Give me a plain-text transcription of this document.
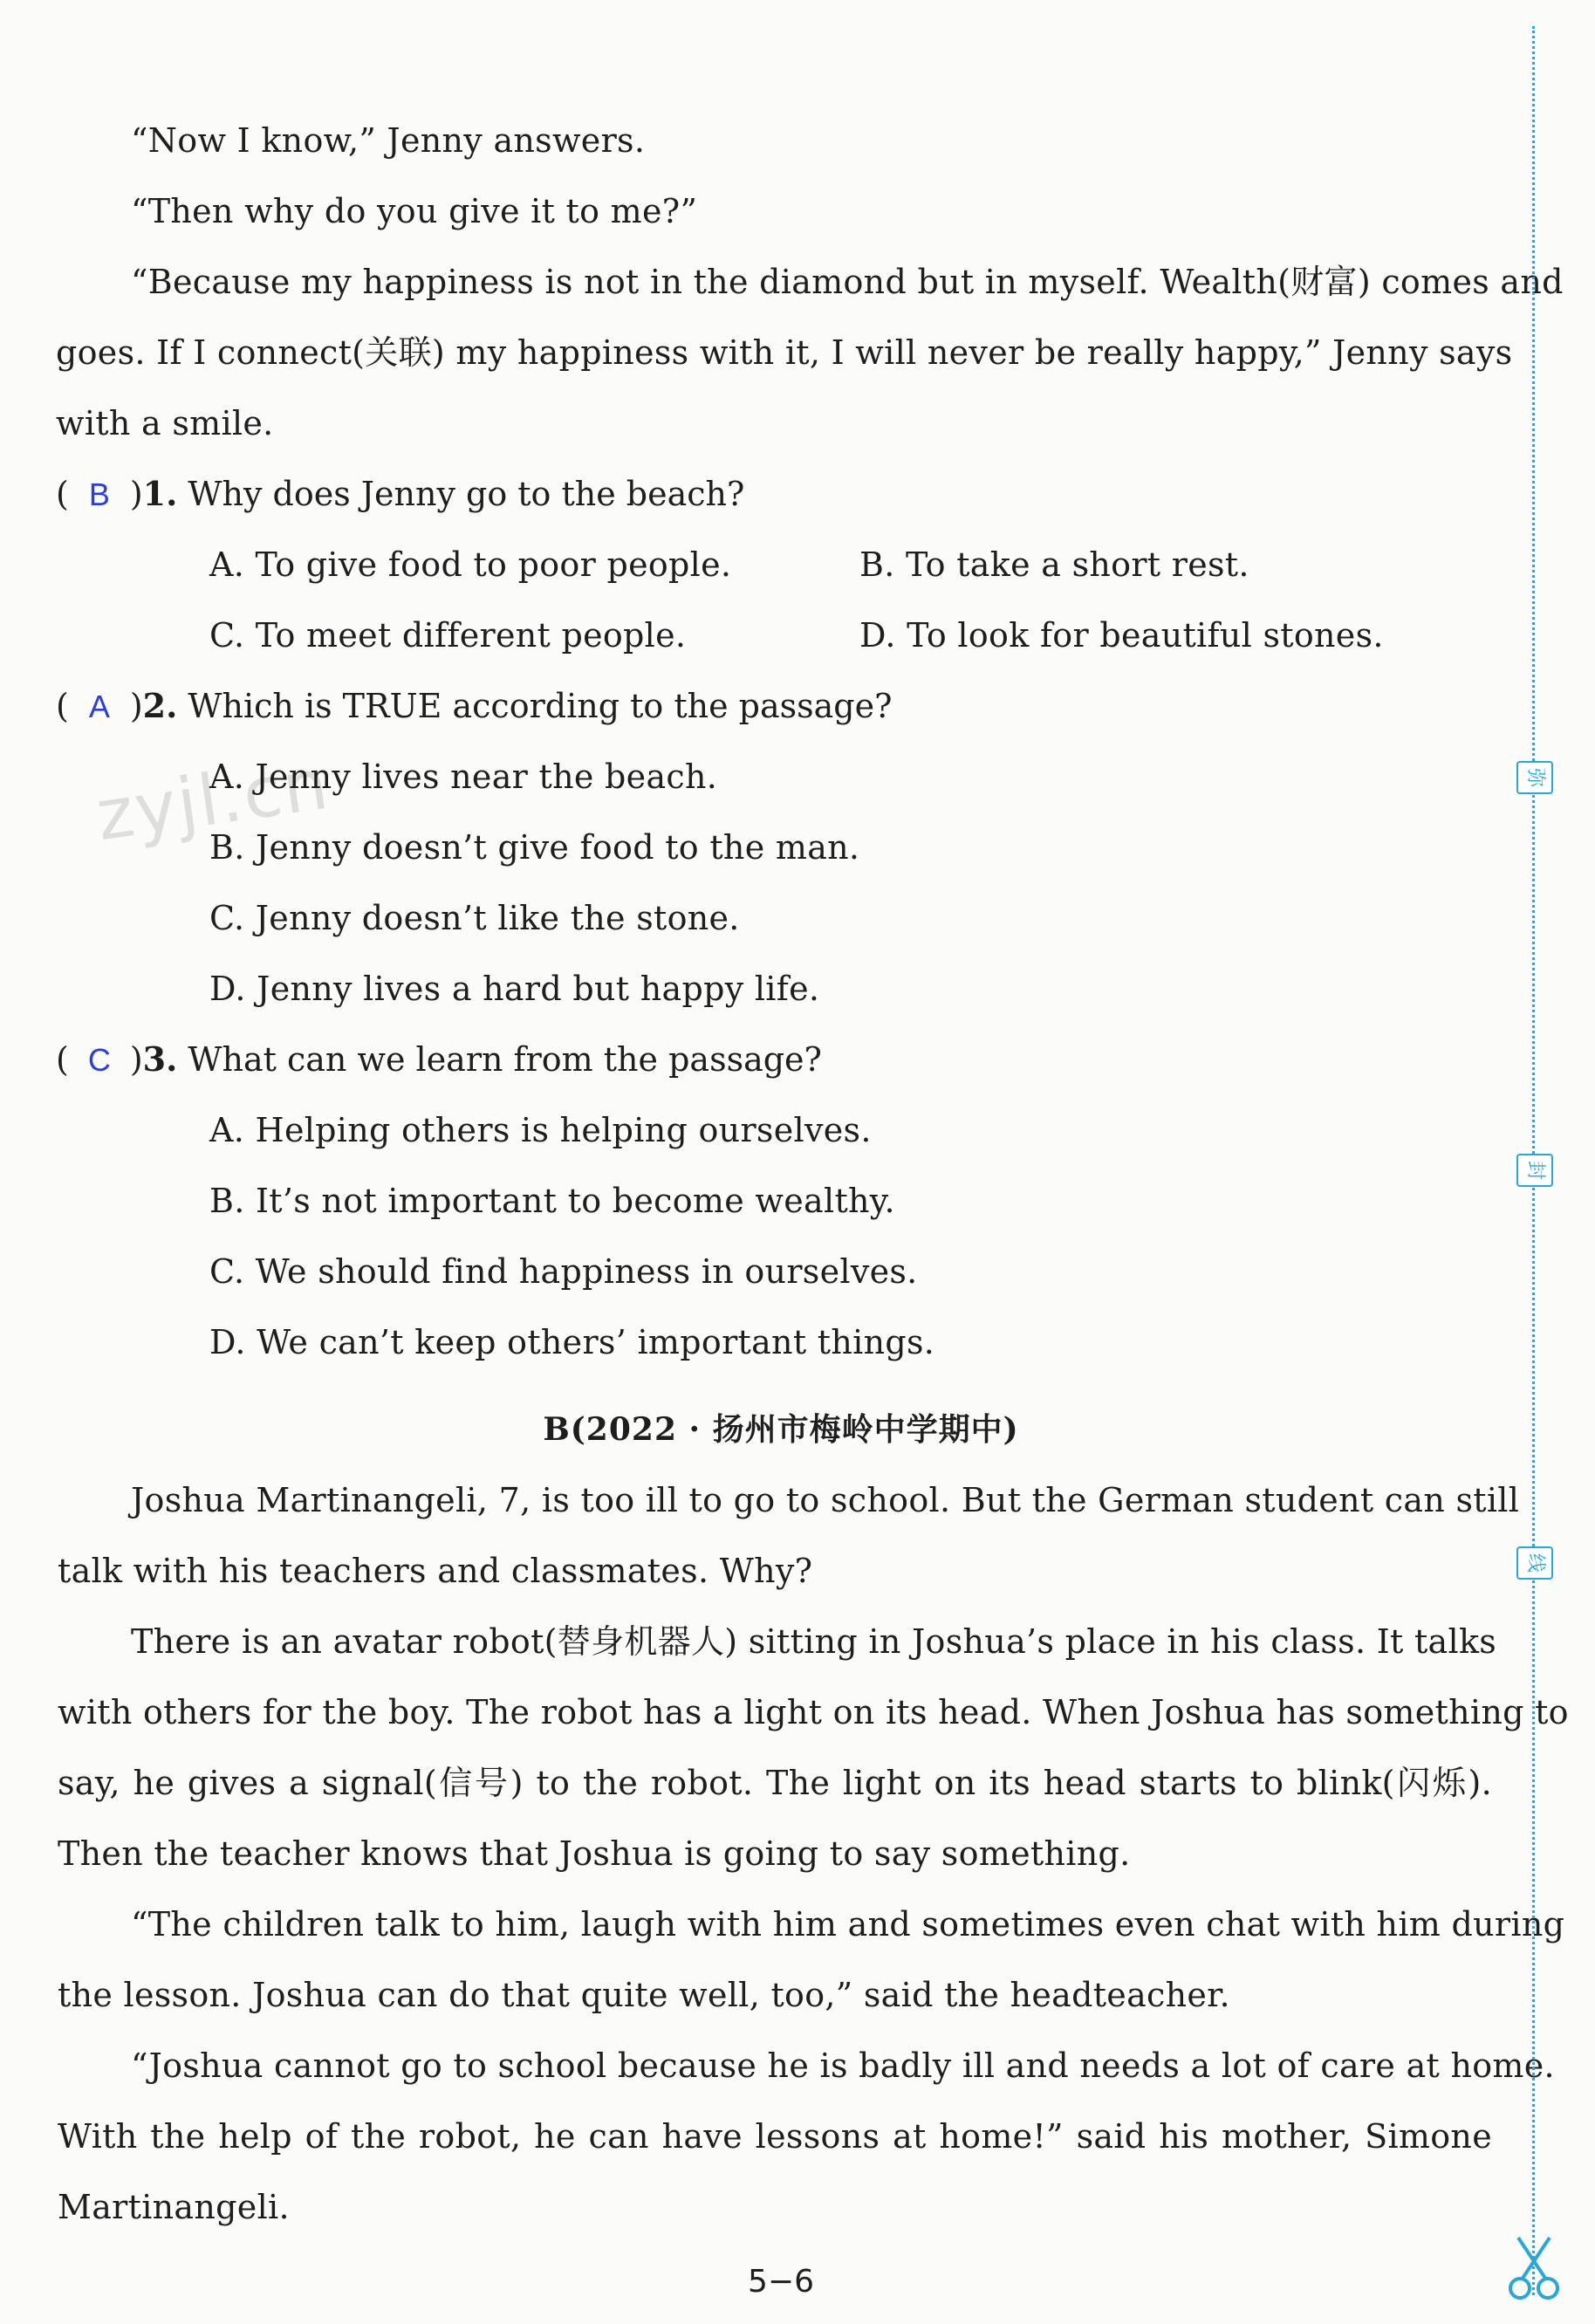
zyjl.cn
“Now I know,” Jenny answers.
“Then why do you give it to me?”
“Because my happiness is not in the diamond but in myself. Wealth(财富) comes and
goes. If I connect(关联) my happiness with it, I will never be really happy,” Jenny says
with a smile.
( B )1. Why does Jenny go to the beach?
A. To give food to poor people.	B. To take a short rest.
C. To meet different people.	D. To look for beautiful stones.
( A )2. Which is TRUE according to the passage?
A. Jenny lives near the beach.
B. Jenny doesn’t give food to the man.
C. Jenny doesn’t like the stone.
D. Jenny lives a hard but happy life.
( C )3. What can we learn from the passage?
A. Helping others is helping ourselves.
B. It’s not important to become wealthy.
C. We should find happiness in ourselves.
D. We can’t keep others’ important things.
B(2022 · 扬州市梅岭中学期中)
Joshua Martinangeli, 7, is too ill to go to school. But the German student can still
talk with his teachers and classmates. Why?
There is an avatar robot(替身机器人) sitting in Joshua’s place in his class. It talks
with others for the boy. The robot has a light on its head. When Joshua has something to
say, he gives a signal(信号) to the robot. The light on its head starts to blink(闪烁).
Then the teacher knows that Joshua is going to say something.
“The children talk to him, laugh with him and sometimes even chat with him during
the lesson. Joshua can do that quite well, too,” said the headteacher.
“Joshua cannot go to school because he is badly ill and needs a lot of care at home.
With the help of the robot, he can have lessons at home!” said his mother, Simone
Martinangeli.
5−6
弥
封
线
